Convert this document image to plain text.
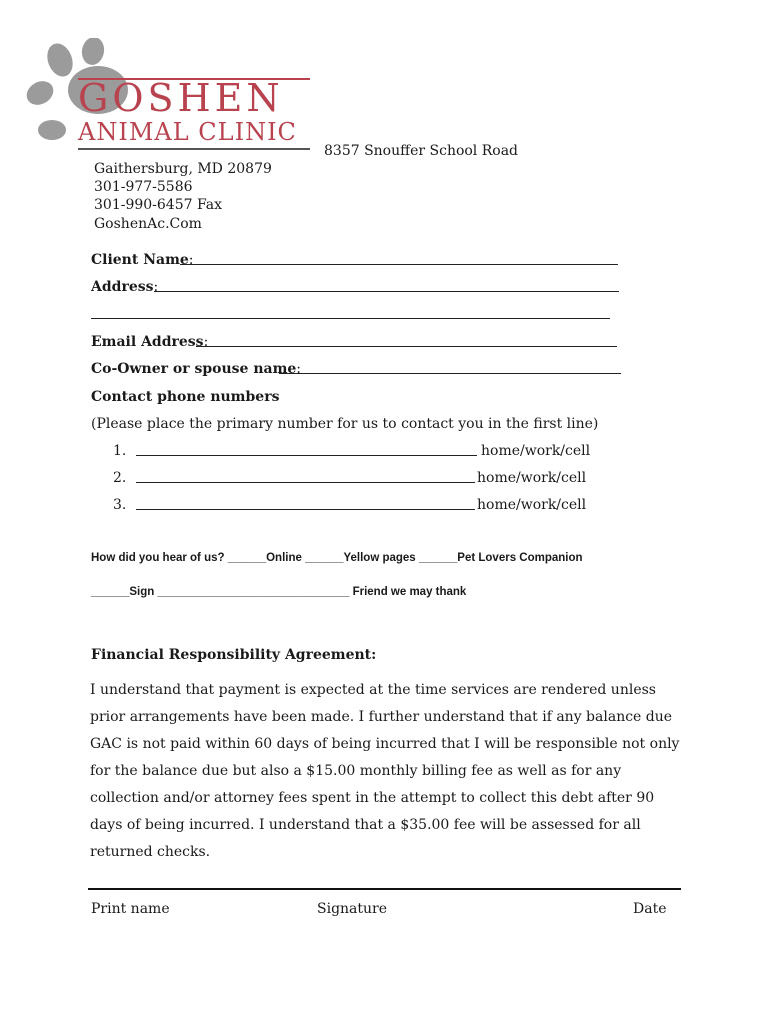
GOSHEN
ANIMAL CLINIC
8357 Snouffer School Road
Gaithersburg, MD 20879
301-977-5586
301-990-6457 Fax
GoshenAc.Com
Client Name:
Address:
Email Address:
Co-Owner or spouse name:
Contact phone numbers
(Please place the primary number for us to contact you in the first line)
1.	home/work/cell
2.	home/work/cell
3.	home/work/cell
How did you hear of us? ______Online ______Yellow pages ______Pet Lovers Companion
______Sign ______________________________ Friend we may thank
Financial Responsibility Agreement:

I understand that payment is expected at the time services are rendered unless prior arrangements have been made. I further understand that if any balance due GAC is not paid within 60 days of being incurred that I will be responsible not only for the balance due but also a $15.00 monthly billing fee as well as for any collection and/or attorney fees spent in the attempt to collect this debt after 90 days of being incurred. I understand that a $35.00 fee will be assessed for all returned checks.

Print name	Signature	Date
